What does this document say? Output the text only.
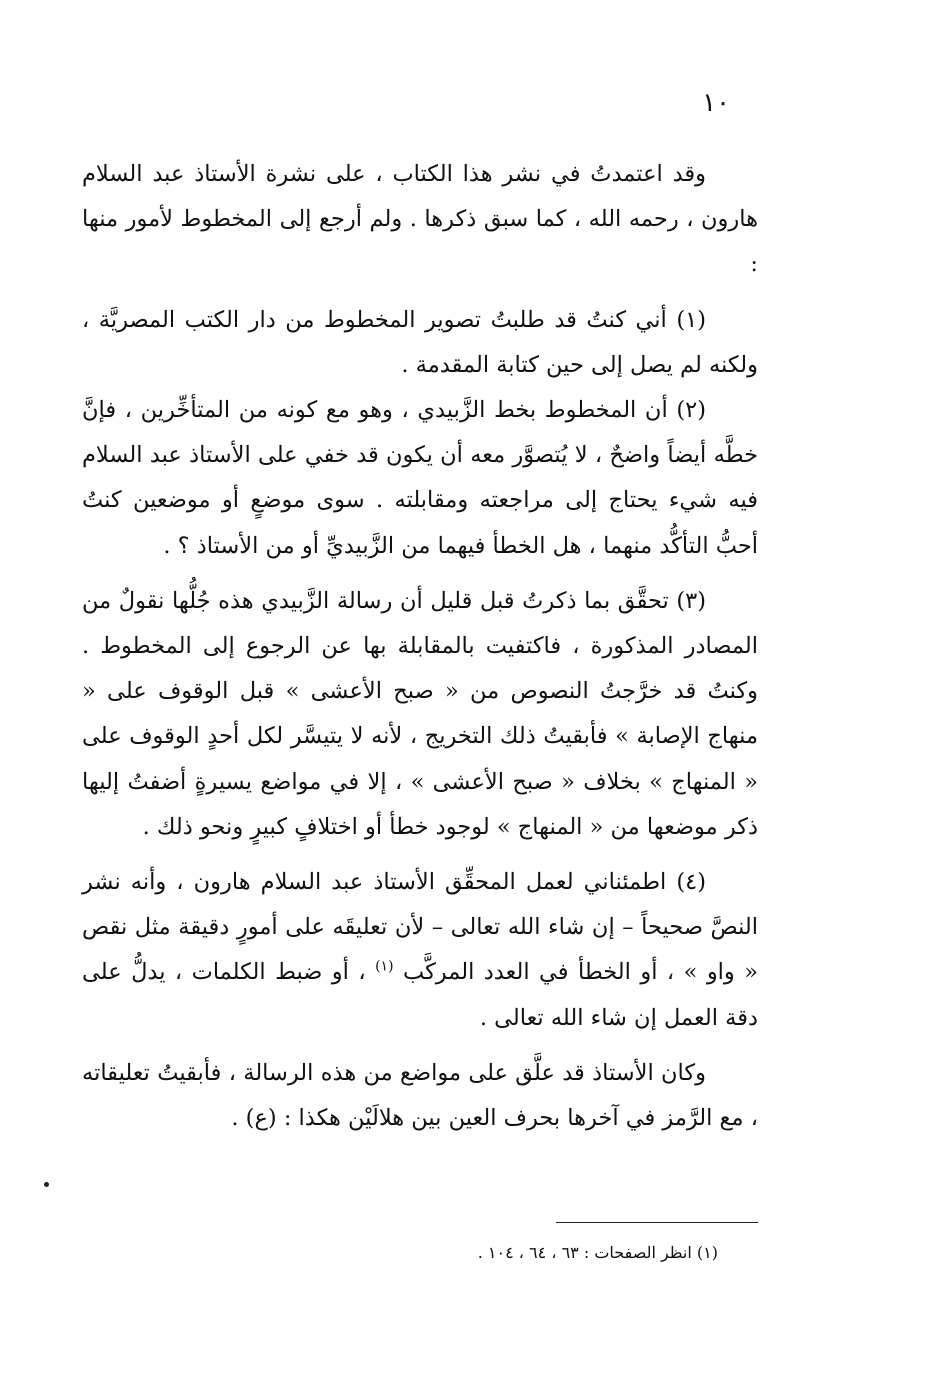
١٠

وقد اعتمدتُ في نشر هذا الكتاب ، على نشرة الأستاذ عبد السلام هارون ، رحمه الله ، كما سبق ذكرها . ولم أرجع إلى المخطوط لأمور منها :

(١) أني كنتُ قد طلبتُ تصوير المخطوط من دار الكتب المصريَّة ، ولكنه لم يصل إلى حين كتابة المقدمة .

(٢) أن المخطوط بخط الزَّبيدي ، وهو مع كونه من المتأخِّرين ، فإنَّ خطَّه أيضاً واضحٌ ، لا يُتصوَّر معه أن يكون قد خفي على الأستاذ عبد السلام فيه شيء يحتاج إلى مراجعته ومقابلته . سوى موضعٍ أو موضعين كنتُ أحبُّ التأكُّد منهما ، هل الخطأ فيهما من الزَّبيديِّ أو من الأستاذ ؟ .

(٣) تحقَّق بما ذكرتُ قبل قليل أن رسالة الزَّبيدي هذه جُلُّها نقولٌ من المصادر المذكورة ، فاكتفيت بالمقابلة بها عن الرجوع إلى المخطوط . وكنتُ قد خرَّجتُ النصوص من « صبح الأعشى » قبل الوقوف على « منهاج الإصابة » فأبقيتُ ذلك التخريج ، لأنه لا يتيسَّر لكل أحدٍ الوقوف على « المنهاج » بخلاف « صبح الأعشى » ، إلا في مواضع يسيرةٍ أضفتُ إليها ذكر موضعها من « المنهاج » لوجود خطأ أو اختلافٍ كبيرٍ ونحو ذلك .

(٤) اطمئناني لعمل المحقِّق الأستاذ عبد السلام هارون ، وأنه نشر النصَّ صحيحاً – إن شاء الله تعالى – لأن تعليقَه على أمورٍ دقيقة مثل نقص « واو » ، أو الخطأ في العدد المركَّب $^{(١)}$ ، أو ضبط الكلمات ، يدلُّ على دقة العمل إن شاء الله تعالى .

وكان الأستاذ قد علَّق على مواضع من هذه الرسالة ، فأبقيتُ تعليقاته ، مع الرَّمز في آخرها بحرف العين بين هلالَيْن هكذا : (ع) .

(١) انظر الصفحات : ٦٣ ، ٦٤ ، ١٠٤ .
